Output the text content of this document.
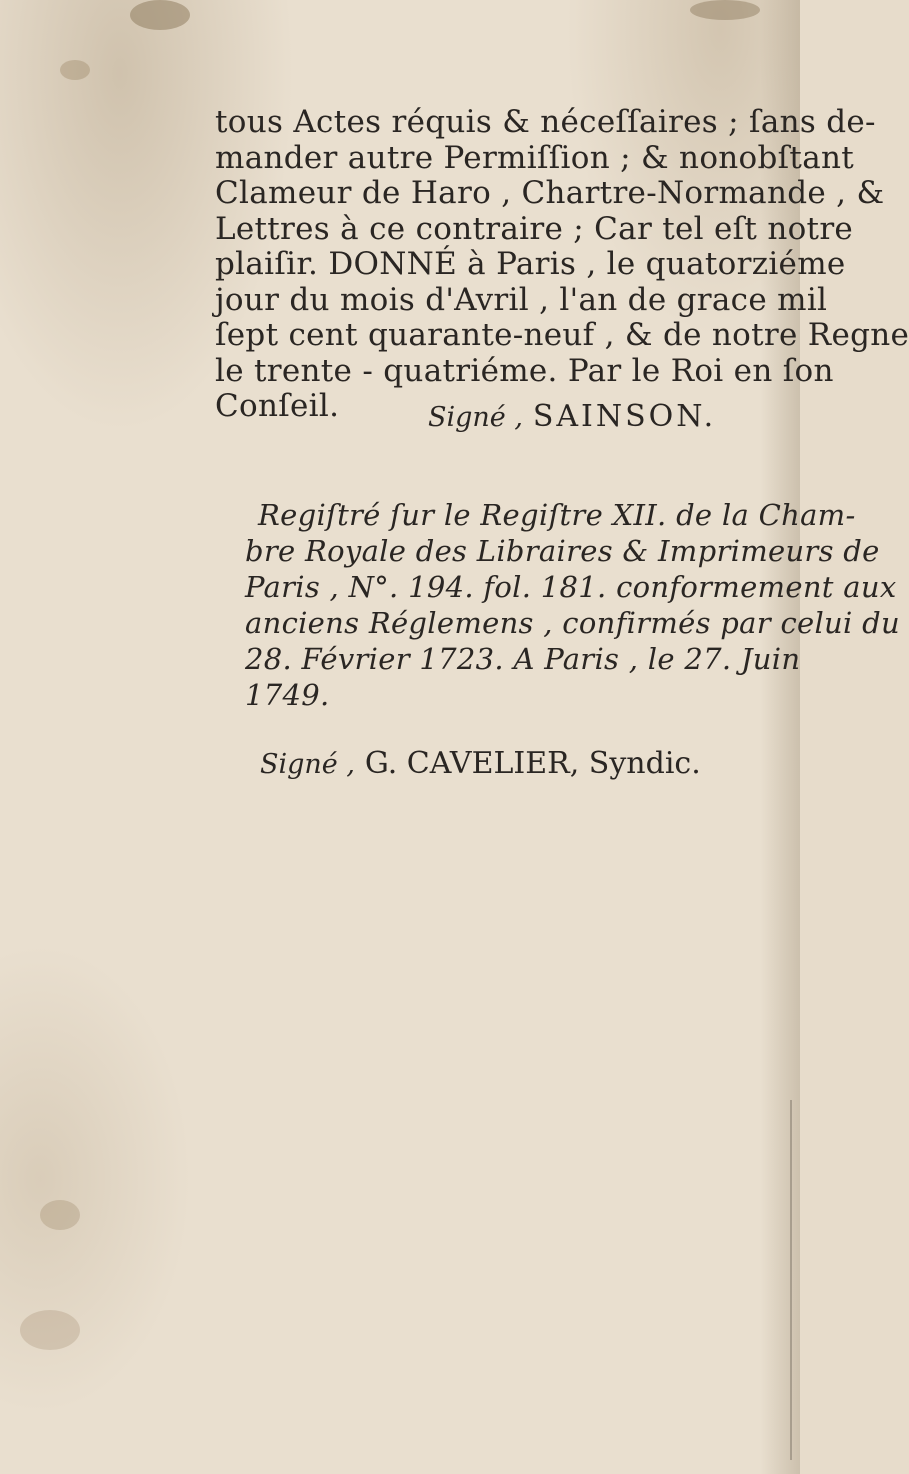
tous Actes réquis & néceſſaires ; ſans de-
mander autre Permiſſion ; & nonobſtant
Clameur de Haro , Chartre-Normande , &
Lettres à ce contraire ; Car tel eſt notre
plaiſir. DONNÉ à Paris , le quatorziéme
jour du mois d'Avril , l'an de grace mil
ſept cent quarante-neuf , & de notre Regne
le trente - quatriéme. Par le Roi en ſon
Conſeil.	Signé , SAINSON.
Regiſtré ſur le Regiſtre XII. de la Cham-
bre Royale des Libraires & Imprimeurs de
Paris , N°. 194. fol. 181. conformement aux
anciens Réglemens , confirmés par celui du
28. Février 1723. A Paris , le 27. Juin
1749.
Signé , G. CAVELIER, Syndic.
